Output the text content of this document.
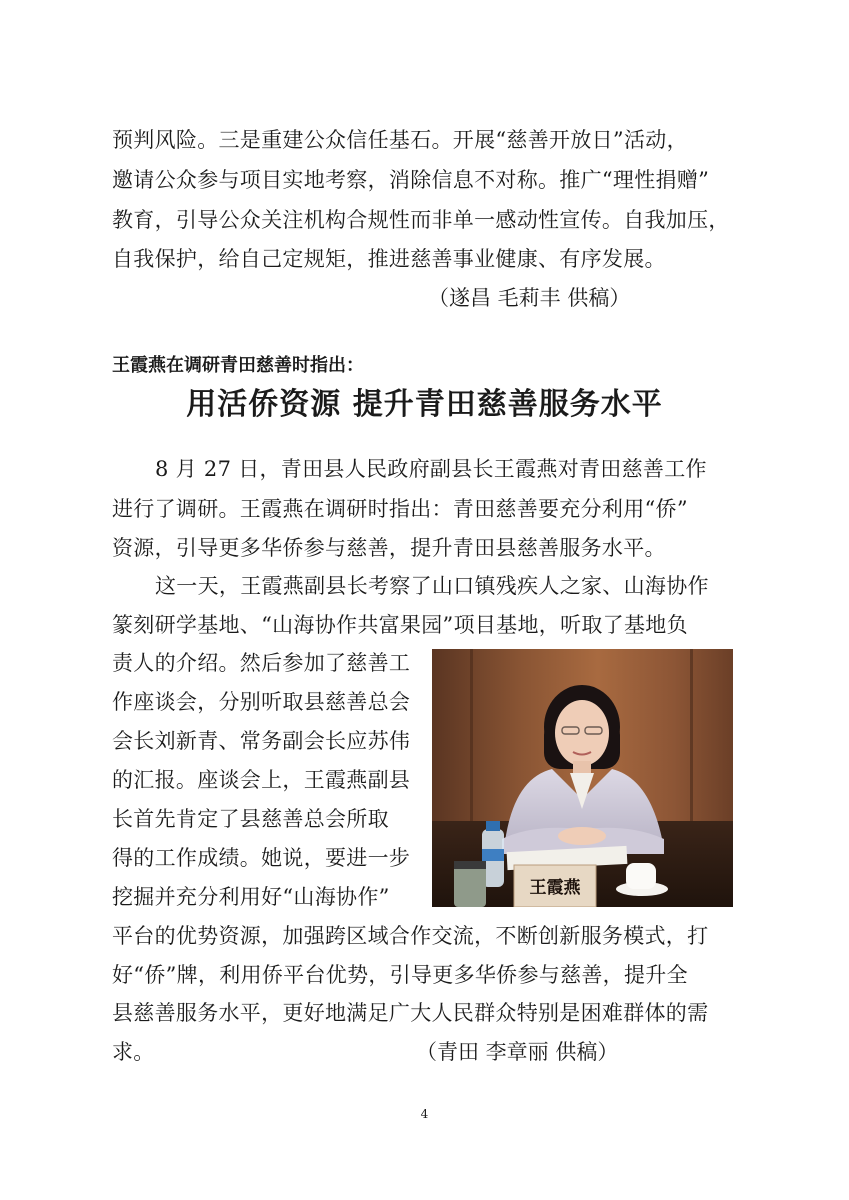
预判风险。三是重建公众信任基石。开展“慈善开放日”活动，
邀请公众参与项目实地考察，消除信息不对称。推广“理性捐赠”
教育，引导公众关注机构合规性而非单一感动性宣传。自我加压，
自我保护，给自己定规矩，推进慈善事业健康、有序发展。
（遂昌 毛莉丰 供稿）
王霞燕在调研青田慈善时指出：
用活侨资源 提升青田慈善服务水平
8 月 27 日，青田县人民政府副县长王霞燕对青田慈善工作
进行了调研。王霞燕在调研时指出：青田慈善要充分利用“侨”
资源，引导更多华侨参与慈善，提升青田县慈善服务水平。
这一天，王霞燕副县长考察了山口镇残疾人之家、山海协作
篆刻研学基地、“山海协作共富果园”项目基地，听取了基地负
责人的介绍。然后参加了慈善工
作座谈会，分别听取县慈善总会
会长刘新青、常务副会长应苏伟
的汇报。座谈会上，王霞燕副县
长首先肯定了县慈善总会所取
得的工作成绩。她说，要进一步
挖掘并充分利用好“山海协作”	王霞燕
平台的优势资源，加强跨区域合作交流，不断创新服务模式，打
好“侨”牌，利用侨平台优势，引导更多华侨参与慈善，提升全
县慈善服务水平，更好地满足广大人民群众特别是困难群体的需
求。	（青田 李章丽 供稿）
4
